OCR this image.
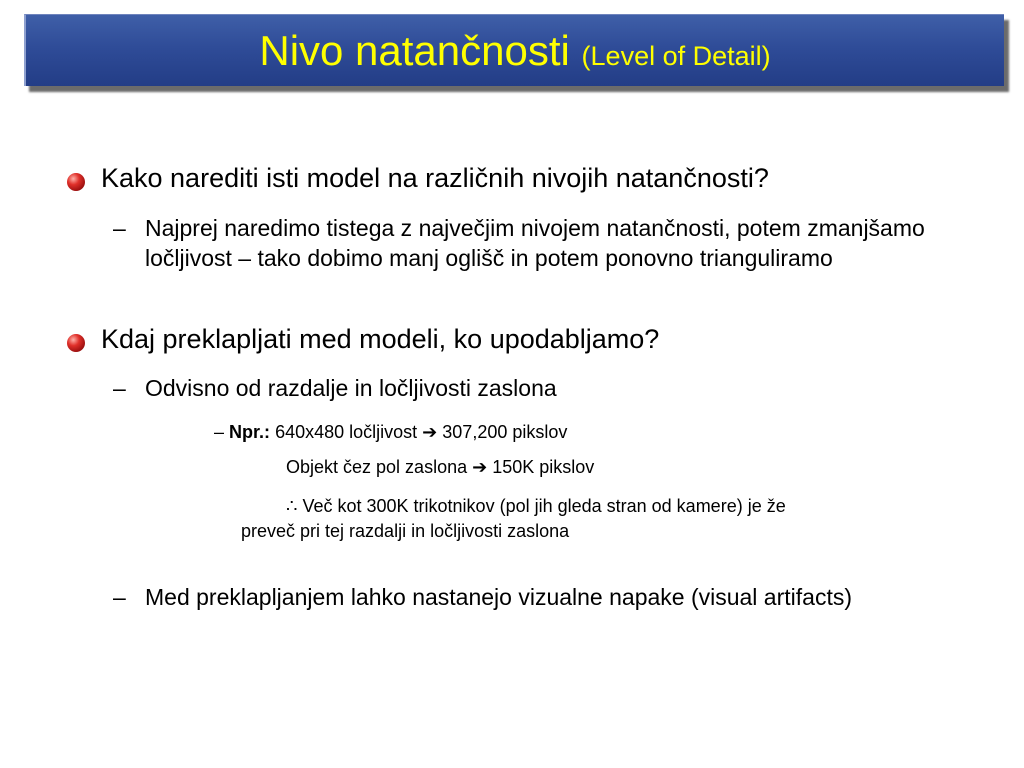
Nivo natančnosti (Level of Detail)
Kako narediti isti model na različnih nivojih natančnosti?
– Najprej naredimo tistega z največjim nivojem natančnosti, potem zmanjšamo ločljivost – tako dobimo manj oglišč in potem ponovno trianguliramo
Kdaj preklapljati med modeli, ko upodabljamo?
– Odvisno od razdalje in ločljivosti zaslona
– Npr.: 640x480 ločljivost ➔ 307,200 pikslov
Objekt čez pol zaslona ➔ 150K pikslov
∴ Več kot 300K trikotnikov (pol jih gleda stran od kamere) je že
preveč pri tej razdalji in ločljivosti zaslona
– Med preklapljanjem lahko nastanejo vizualne napake (visual artifacts)
